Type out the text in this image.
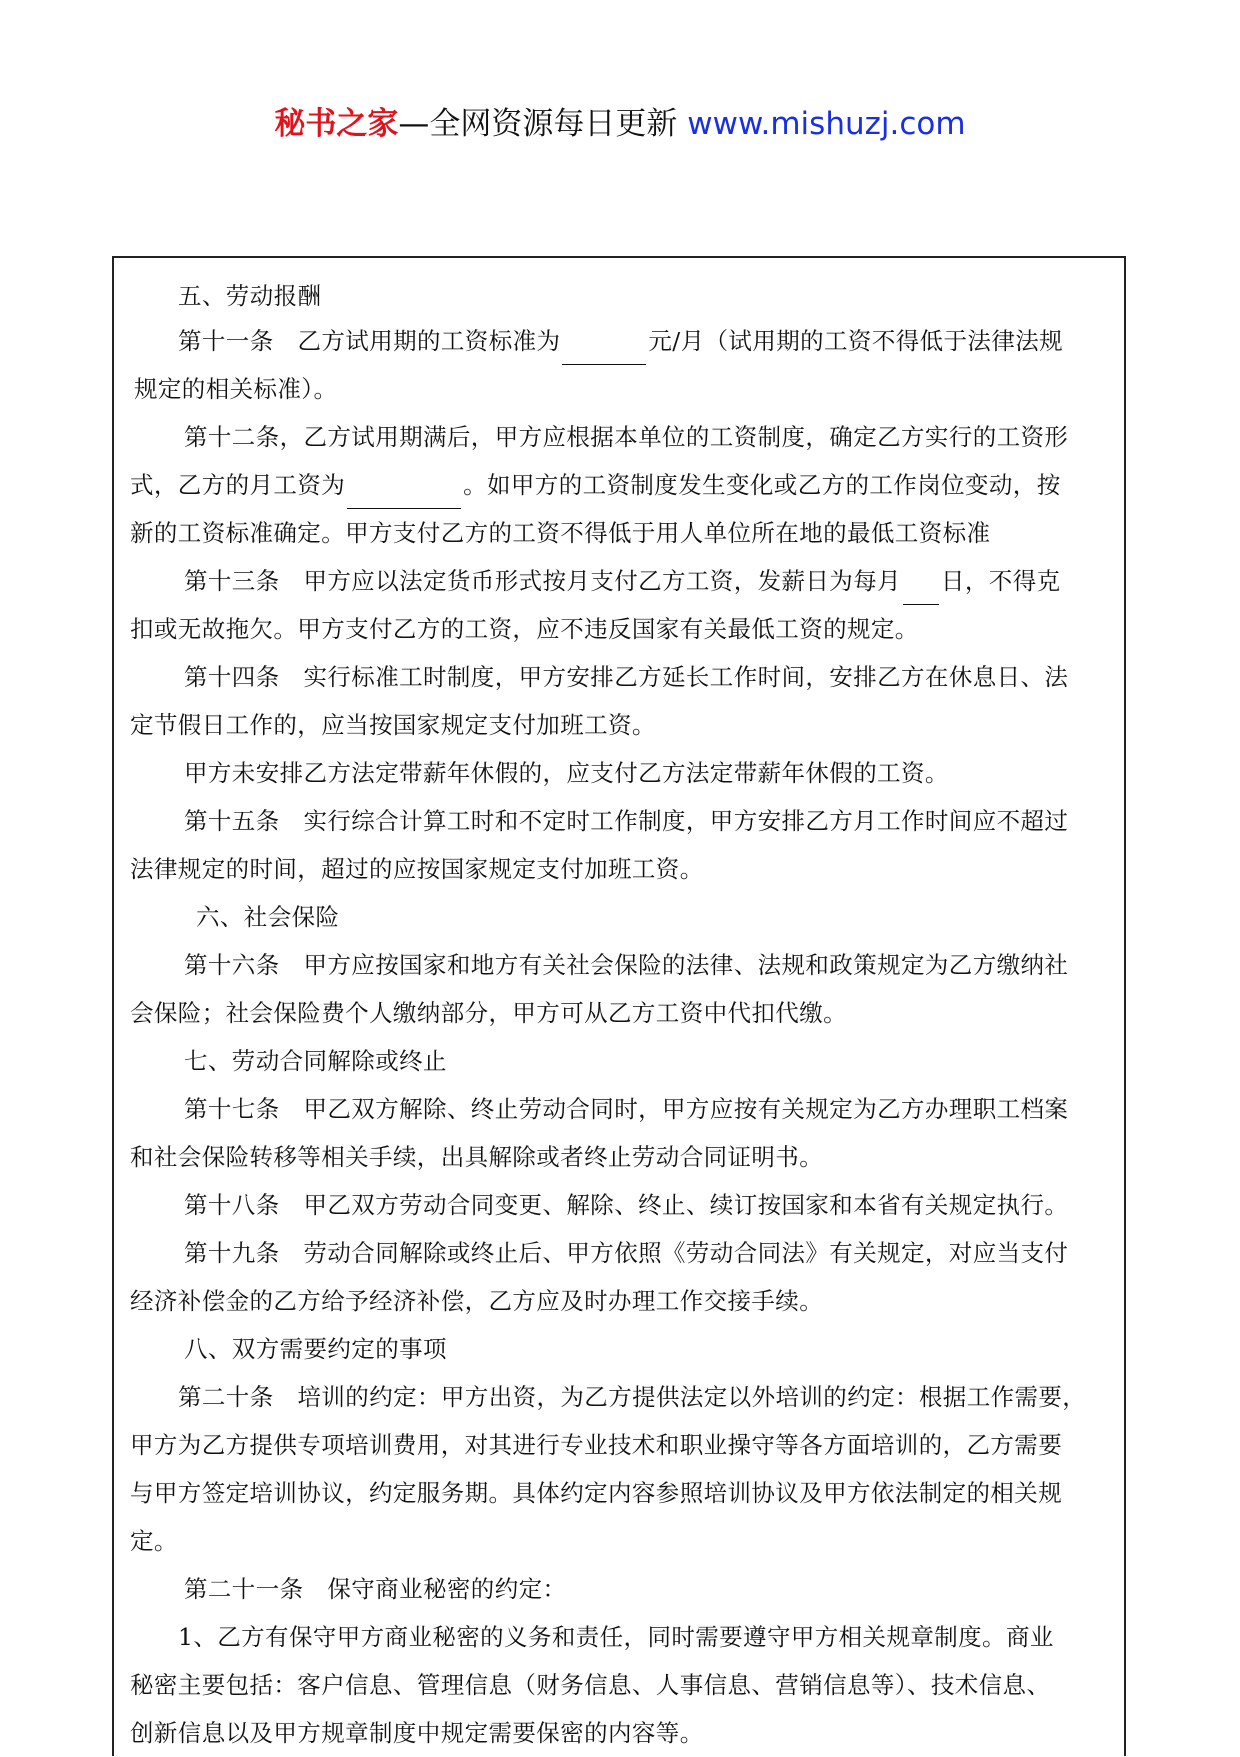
秘书之家—全网资源每日更新 www.mishuzj.com
五、劳动报酬
第十一条　乙方试用期的工资标准为	元/月（试用期的工资不得低于法律法规
规定的相关标准）。
第十二条，乙方试用期满后，甲方应根据本单位的工资制度，确定乙方实行的工资形
式，乙方的月工资为	。如甲方的工资制度发生变化或乙方的工作岗位变动，按
新的工资标准确定。甲方支付乙方的工资不得低于用人单位所在地的最低工资标准
第十三条　甲方应以法定货币形式按月支付乙方工资，发薪日为每月 日，不得克
扣或无故拖欠。甲方支付乙方的工资，应不违反国家有关最低工资的规定。
第十四条　实行标准工时制度，甲方安排乙方延长工作时间，安排乙方在休息日、法
定节假日工作的，应当按国家规定支付加班工资。
甲方未安排乙方法定带薪年休假的，应支付乙方法定带薪年休假的工资。
第十五条　实行综合计算工时和不定时工作制度，甲方安排乙方月工作时间应不超过
法律规定的时间，超过的应按国家规定支付加班工资。
六、社会保险
第十六条　甲方应按国家和地方有关社会保险的法律、法规和政策规定为乙方缴纳社
会保险；社会保险费个人缴纳部分，甲方可从乙方工资中代扣代缴。
七、劳动合同解除或终止
第十七条　甲乙双方解除、终止劳动合同时，甲方应按有关规定为乙方办理职工档案
和社会保险转移等相关手续，出具解除或者终止劳动合同证明书。
第十八条　甲乙双方劳动合同变更、解除、终止、续订按国家和本省有关规定执行。
第十九条　劳动合同解除或终止后、甲方依照《劳动合同法》有关规定，对应当支付
经济补偿金的乙方给予经济补偿，乙方应及时办理工作交接手续。
八、双方需要约定的事项
第二十条　培训的约定：甲方出资，为乙方提供法定以外培训的约定：根据工作需要，
甲方为乙方提供专项培训费用，对其进行专业技术和职业操守等各方面培训的，乙方需要
与甲方签定培训协议，约定服务期。具体约定内容参照培训协议及甲方依法制定的相关规
定。
第二十一条　保守商业秘密的约定：
1、乙方有保守甲方商业秘密的义务和责任，同时需要遵守甲方相关规章制度。商业
秘密主要包括：客户信息、管理信息（财务信息、人事信息、营销信息等）、技术信息、
创新信息以及甲方规章制度中规定需要保密的内容等。
